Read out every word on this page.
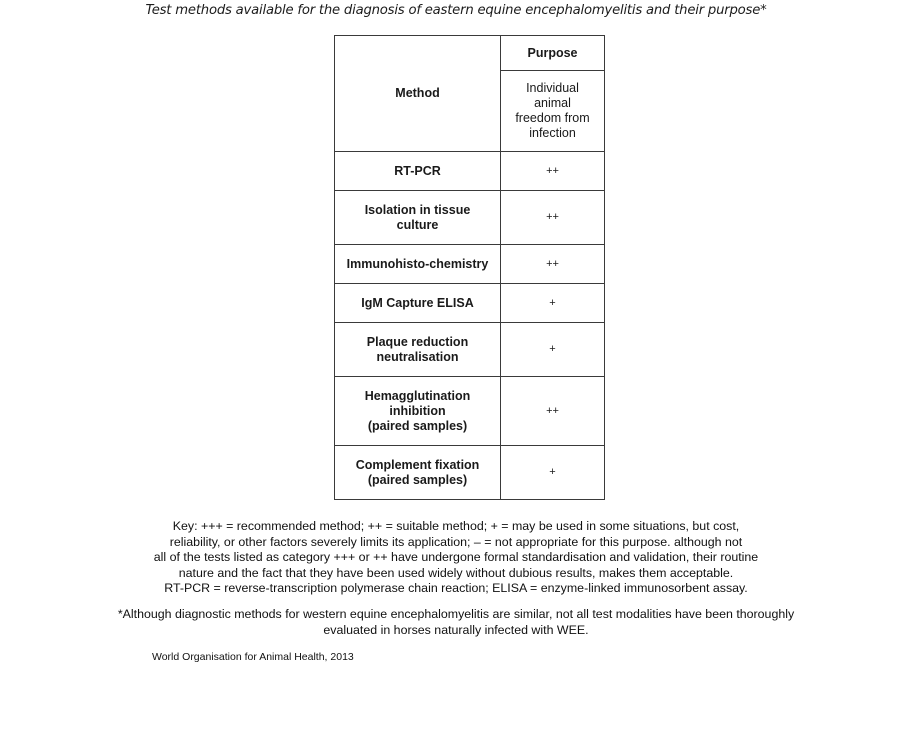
Test methods available for the diagnosis of eastern equine encephalomyelitis and their purpose*
Method	Purpose

	Individual
animal
freedom from
infection

RT-PCR	++

Isolation in tissue
culture	++

Immunohisto-chemistry	++

IgM Capture ELISA	+

Plaque reduction
neutralisation	+

Hemagglutination
inhibition
(paired samples)	++

Complement fixation
(paired samples)	+

Key: +++ = recommended method; ++ = suitable method; + = may be used in some situations, but cost,

reliability, or other factors severely limits its application; – = not appropriate for this purpose. although not

all of the tests listed as category +++ or ++ have undergone formal standardisation and validation, their routine

nature and the fact that they have been used widely without dubious results, makes them acceptable.

RT-PCR = reverse-transcription polymerase chain reaction; ELISA = enzyme-linked immunosorbent assay.

*Although diagnostic methods for western equine encephalomyelitis are similar, not all test modalities have been thoroughly

evaluated in horses naturally infected with WEE.

World Organisation for Animal Health, 2013
